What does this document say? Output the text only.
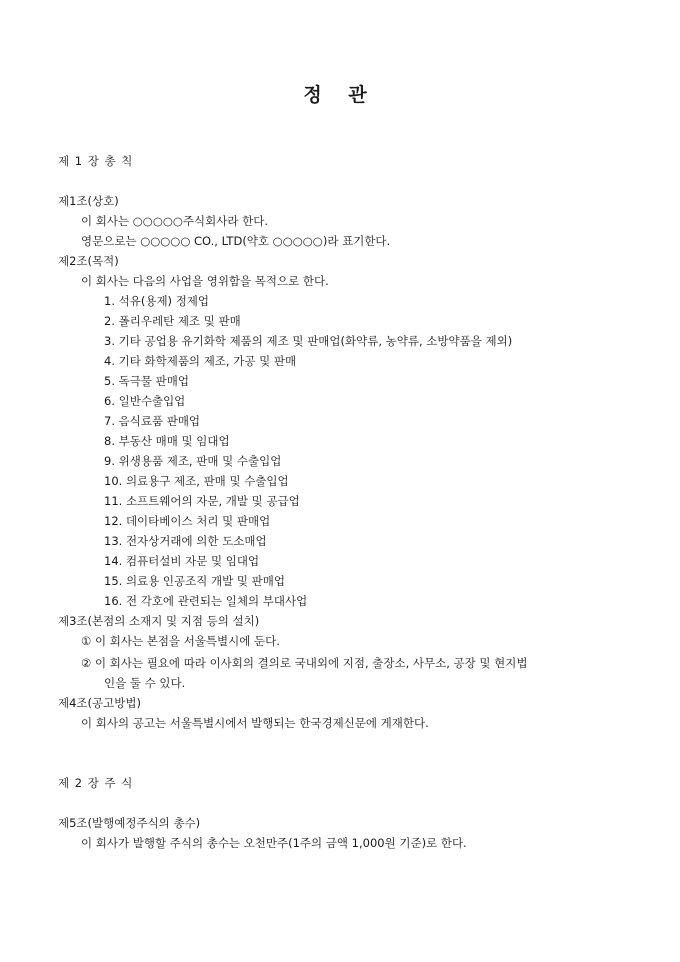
정 관
제 1 장 총 칙
제1조(상호)
이 회사는 ○○○○○주식회사라 한다.
영문으로는 ○○○○○ CO., LTD(약호 ○○○○○)라 표기한다.
제2조(목적)
이 회사는 다음의 사업을 영위함을 목적으로 한다.
1. 석유(용제) 정제업
2. 폴리우레탄 제조 및 판매
3. 기타 공업용 유기화학 제품의 제조 및 판매업(화약류, 농약류, 소방약품을 제외)
4. 기타 화학제품의 제조, 가공 및 판매
5. 독극물 판매업
6. 일반수출입업
7. 음식료품 판매업
8. 부동산 매매 및 임대업
9. 위생용품 제조, 판매 및 수출입업
10. 의료용구 제조, 판매 및 수출입업
11. 소프트웨어의 자문, 개발 및 공급업
12. 데이타베이스 처리 및 판매업
13. 전자상거래에 의한 도소매업
14. 컴퓨터설비 자문 및 임대업
15. 의료용 인공조직 개발 및 판매업
16. 전 각호에 관련되는 일체의 부대사업
제3조(본점의 소재지 및 지점 등의 설치)
① 이 회사는 본점을 서울특별시에 둔다.
② 이 회사는 필요에 따라 이사회의 결의로 국내외에 지점, 출장소, 사무소, 공장 및 현지법
인을 둘 수 있다.
제4조(공고방법)
이 회사의 공고는 서울특별시에서 발행되는 한국경제신문에 게재한다.
제 2 장 주 식
제5조(발행예정주식의 총수)
이 회사가 발행할 주식의 총수는 오천만주(1주의 금액 1,000원 기준)로 한다.
